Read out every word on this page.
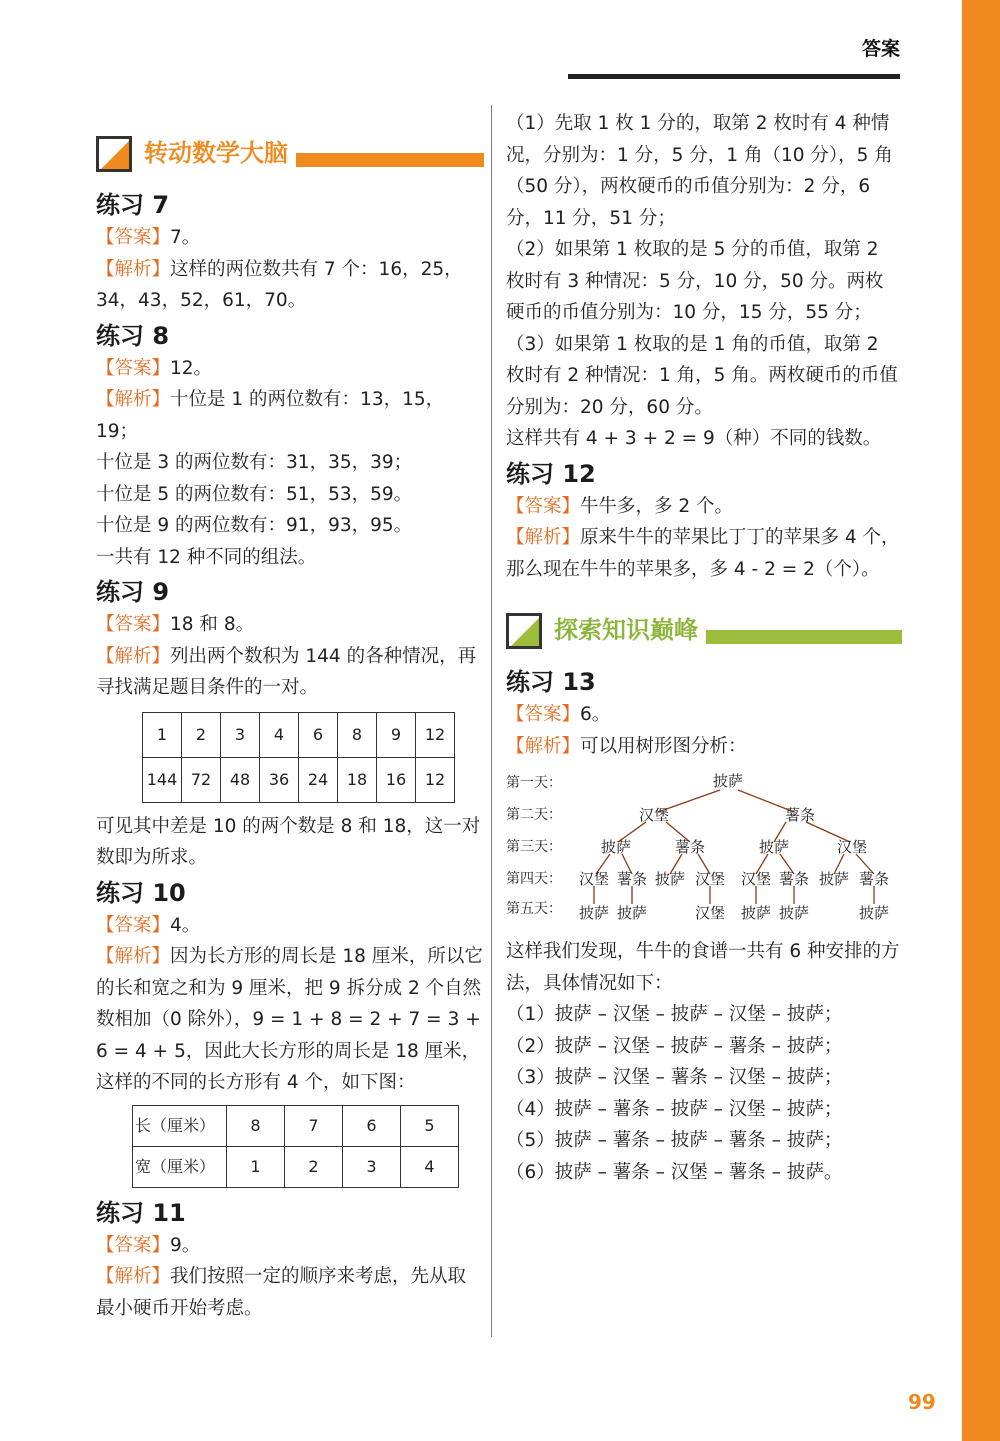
答案
转动数学大脑
练习 7

【答案】7。

【解析】这样的两位数共有 7 个：16，25，34，43，52，61，70。

练习 8

【答案】12。

【解析】十位是 1 的两位数有：13，15，19；

十位是 3 的两位数有：31，35，39；

十位是 5 的两位数有：51，53，59。

十位是 9 的两位数有：91，93，95。

一共有 12 种不同的组法。

练习 9

【答案】18 和 8。

【解析】列出两个数积为 144 的各种情况，再寻找满足题目条件的一对。

1	2	3	4	6	8	9	12
144	72	48	36	24	18	16	12

可见其中差是 10 的两个数是 8 和 18，这一对数即为所求。

练习 10

【答案】4。

【解析】因为长方形的周长是 18 厘米，所以它的长和宽之和为 9 厘米，把 9 拆分成 2 个自然数相加（0 除外），9 = 1 + 8 = 2 + 7 = 3 + 6 = 4 + 5，因此大长方形的周长是 18 厘米，这样的不同的长方形有 4 个，如下图：

长（厘米）	8	7	6	5
宽（厘米）	1	2	3	4
练习 11

【答案】9。

【解析】我们按照一定的顺序来考虑，先从取最小硬币开始考虑。

（1）先取 1 枚 1 分的，取第 2 枚时有 4 种情况，分别为：1 分，5 分，1 角（10 分），5 角（50 分），两枚硬币的币值分别为：2 分，6 分，11 分，51 分；

（2）如果第 1 枚取的是 5 分的币值，取第 2 枚时有 3 种情况：5 分，10 分，50 分。两枚硬币的币值分别为：10 分，15 分，55 分；

（3）如果第 1 枚取的是 1 角的币值，取第 2 枚时有 2 种情况：1 角，5 角。两枚硬币的币值分别为：20 分，60 分。

这样共有 4 + 3 + 2 = 9（种）不同的钱数。

练习 12

【答案】牛牛多，多 2 个。

【解析】原来牛牛的苹果比丁丁的苹果多 4 个，那么现在牛牛的苹果多，多 4 - 2 = 2（个）。

探索知识巅峰
练习 13

【答案】6。

【解析】可以用树形图分析：

第一天：
第二天：
第三天：
第四天：
第五天：
披萨
汉堡	薯条
披萨	薯条	披萨	汉堡
汉堡 薯条 披萨 汉堡 汉堡 薯条 披萨 薯条
披萨 披萨	汉堡 披萨 披萨	披萨

这样我们发现，牛牛的食谱一共有 6 种安排的方法，具体情况如下：

（1）披萨 – 汉堡 – 披萨 – 汉堡 – 披萨；

（2）披萨 – 汉堡 – 披萨 – 薯条 – 披萨；

（3）披萨 – 汉堡 – 薯条 – 汉堡 – 披萨；

（4）披萨 – 薯条 – 披萨 – 汉堡 – 披萨；

（5）披萨 – 薯条 – 披萨 – 薯条 – 披萨；

（6）披萨 – 薯条 – 汉堡 – 薯条 – 披萨。

99
